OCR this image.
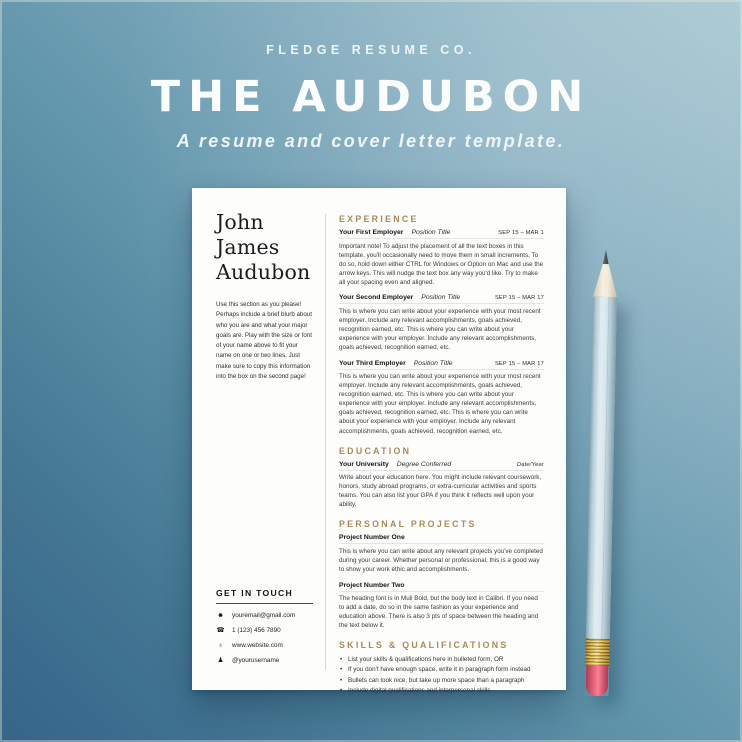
FLEDGE RESUME CO.
THE AUDUBON
A resume and cover letter template.
John James
Audubon
Use this section as you please! Perhaps include a brief blurb about who you are and what your major goals are. Play with the size or font of your name above to fit your name on one or two lines. Just make sure to copy this information into the box on the second page!
GET IN TOUCH
☻ youremail@gmail.com
☎ 1 (123) 456 7890
♁	www.website.com
♟ @yourusername
EXPERIENCE
Your First Employer Position Title	SEP 15 – MAR 1
Important note! To adjust the placement of all the text boxes in this template, you'll occasionally need to move them in small increments. To do so, hold down either CTRL for Windows or Option on Mac and use the arrow keys. This will nudge the text box any way you'd like. Try to make all your spacing even and aligned.
Your Second Employer Position Title	SEP 15 – MAR 17
This is where you can write about your experience with your most recent employer. Include any relevant accomplishments, goals achieved, recognition earned, etc. This is where you can write about your experience with your employer. Include any relevant accomplishments, goals achieved, recognition earned, etc.
Your Third Employer Position Title	SEP 15 – MAR 17
This is where you can write about your experience with your most recent employer. Include any relevant accomplishments, goals achieved, recognition earned, etc. This is where you can write about your experience with your employer. Include any relevant accomplishments, goals achieved, recognition earned, etc. This is where you can write about your experience with your employer. Include any relevant accomplishments, goals achieved, recognition earned, etc.
EDUCATION
Your University Degree Conferred	Date/Year
Write about your education here. You might include relevant coursework, honors, study abroad programs, or extra-curricular activities and sports teams. You can also list your GPA if you think it reflects well upon your ability.
PERSONAL PROJECTS
Project Number One
This is where you can write about any relevant projects you've completed during your career. Whether personal or professional, this is a good way to show your work ethic and accomplishments.
Project Number Two
The heading font is in Muli Bold, but the body text in Calibri. If you need to add a date, do so in the same fashion as your experience and education above. There is also 3 pts of space between the heading and the text below it.
SKILLS & QUALIFICATIONS
• List your skills & qualifications here in bulleted form, OR
• If you don't have enough space, write it in paragraph form instead
• Bullets can look nice, but take up more space than a paragraph
• Include digital qualifications and interpersonal skills
